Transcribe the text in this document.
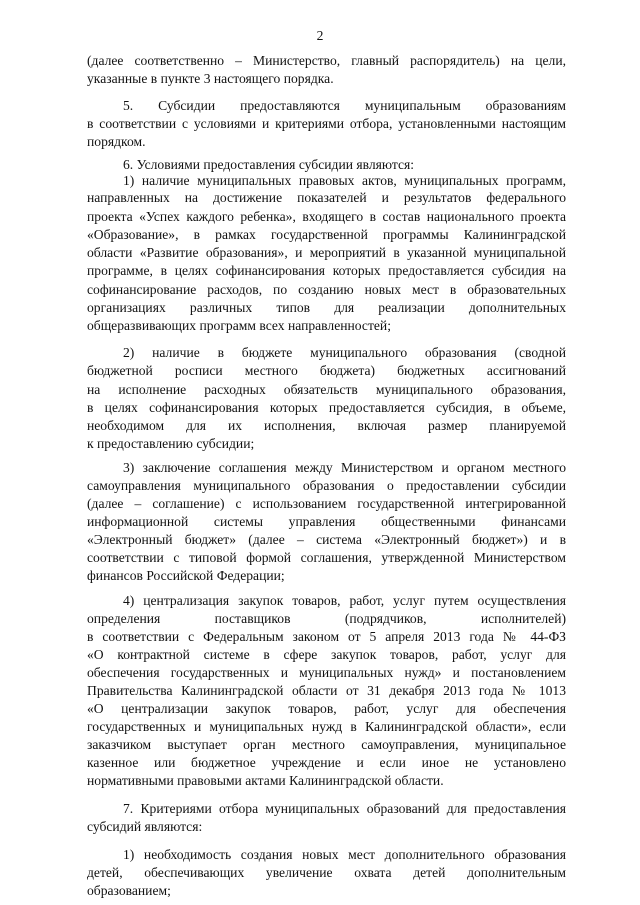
2
(далее соответственно – Министерство, главный распорядитель) на цели,
указанные в пункте 3 настоящего порядка.
5. Субсидии предоставляются муниципальным образованиям
в соответствии с условиями и критериями отбора, установленными настоящим
порядком.
6. Условиями предоставления субсидии являются:
1) наличие муниципальных правовых актов, муниципальных программ,
направленных на достижение показателей и результатов федерального
проекта «Успех каждого ребенка», входящего в состав национального проекта
«Образование», в рамках государственной программы Калининградской
области «Развитие образования», и мероприятий в указанной муниципальной
программе, в целях софинансирования которых предоставляется субсидия на
софинансирование расходов, по созданию новых мест в образовательных
организациях различных типов для реализации дополнительных
общеразвивающих программ всех направленностей;
2) наличие в бюджете муниципального образования (сводной
бюджетной росписи местного бюджета) бюджетных ассигнований
на исполнение расходных обязательств муниципального образования,
в целях софинансирования которых предоставляется субсидия, в объеме,
необходимом для их исполнения, включая размер планируемой
к предоставлению субсидии;
3) заключение соглашения между Министерством и органом местного
самоуправления муниципального образования о предоставлении субсидии
(далее – соглашение) с использованием государственной интегрированной
информационной системы управления общественными финансами
«Электронный бюджет» (далее – система «Электронный бюджет») и в
соответствии с типовой формой соглашения, утвержденной Министерством
финансов Российской Федерации;
4) централизация закупок товаров, работ, услуг путем осуществления
определения поставщиков (подрядчиков, исполнителей)
в соответствии с Федеральным законом от 5 апреля 2013 года № 44-ФЗ
«О контрактной системе в сфере закупок товаров, работ, услуг для
обеспечения государственных и муниципальных нужд» и постановлением
Правительства Калининградской области от 31 декабря 2013 года № 1013
«О централизации закупок товаров, работ, услуг для обеспечения
государственных и муниципальных нужд в Калининградской области», если
заказчиком выступает орган местного самоуправления, муниципальное
казенное или бюджетное учреждение и если иное не установлено
нормативными правовыми актами Калининградской области.
7. Критериями отбора муниципальных образований для предоставления
субсидий являются:
1) необходимость создания новых мест дополнительного образования
детей, обеспечивающих увеличение охвата детей дополнительным
образованием;
